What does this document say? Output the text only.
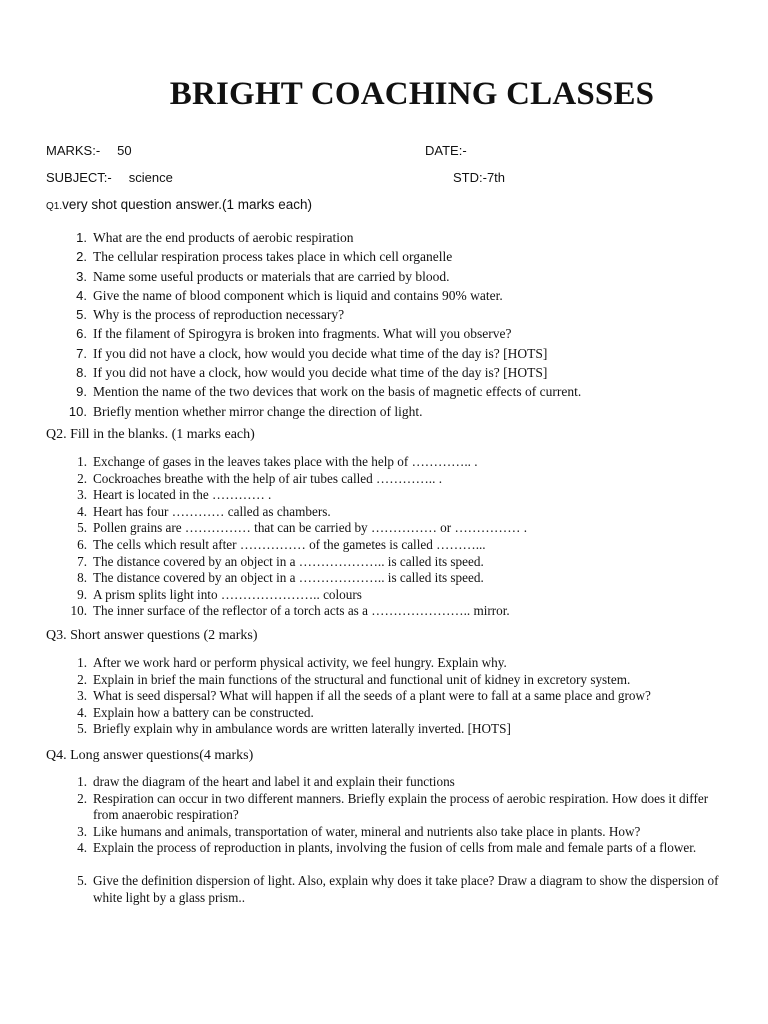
BRIGHT COACHING CLASSES
MARKS:- 50	DATE:-
SUBJECT:- science	STD:-7th
Q1.very shot question answer.(1 marks each)
1. What are the end products of aerobic respiration
2. The cellular respiration process takes place in which cell organelle
3. Name some useful products or materials that are carried by blood.
4. Give the name of blood component which is liquid and contains 90% water.
5. Why is the process of reproduction necessary?
6. If the filament of Spirogyra is broken into fragments. What will you observe?
7. If you did not have a clock, how would you decide what time of the day is? [HOTS]
8. If you did not have a clock, how would you decide what time of the day is? [HOTS]
9. Mention the name of the two devices that work on the basis of magnetic effects of current.
10. Briefly mention whether mirror change the direction of light.
Q2. Fill in the blanks. (1 marks each)
1. Exchange of gases in the leaves takes place with the help of ………….. .
2. Cockroaches breathe with the help of air tubes called ………….. .
3. Heart is located in the ………… .
4. Heart has four ………… called as chambers.
5. Pollen grains are …………… that can be carried by …………… or …………… .
6. The cells which result after …………… of the gametes is called ………...
7. The distance covered by an object in a ……………….. is called its speed.
8. The distance covered by an object in a ……………….. is called its speed.
9. A prism splits light into ………………….. colours
10. The inner surface of the reflector of a torch acts as a ………………….. mirror.
Q3. Short answer questions (2 marks)
1. After we work hard or perform physical activity, we feel hungry. Explain why.
2. Explain in brief the main functions of the structural and functional unit of kidney in excretory system.
3. What is seed dispersal? What will happen if all the seeds of a plant were to fall at a same place and grow?
4. Explain how a battery can be constructed.
5. Briefly explain why in ambulance words are written laterally inverted. [HOTS]
Q4. Long answer questions(4 marks)
1. draw the diagram of the heart and label it and explain their functions
2. Respiration can occur in two different manners. Briefly explain the process of aerobic respiration. How does it differ from anaerobic respiration?
3. Like humans and animals, transportation of water, mineral and nutrients also take place in plants. How?
4. Explain the process of reproduction in plants, involving the fusion of cells from male and female parts of a flower.
5. Give the definition dispersion of light. Also, explain why does it take place? Draw a diagram to show the dispersion of white light by a glass prism..
